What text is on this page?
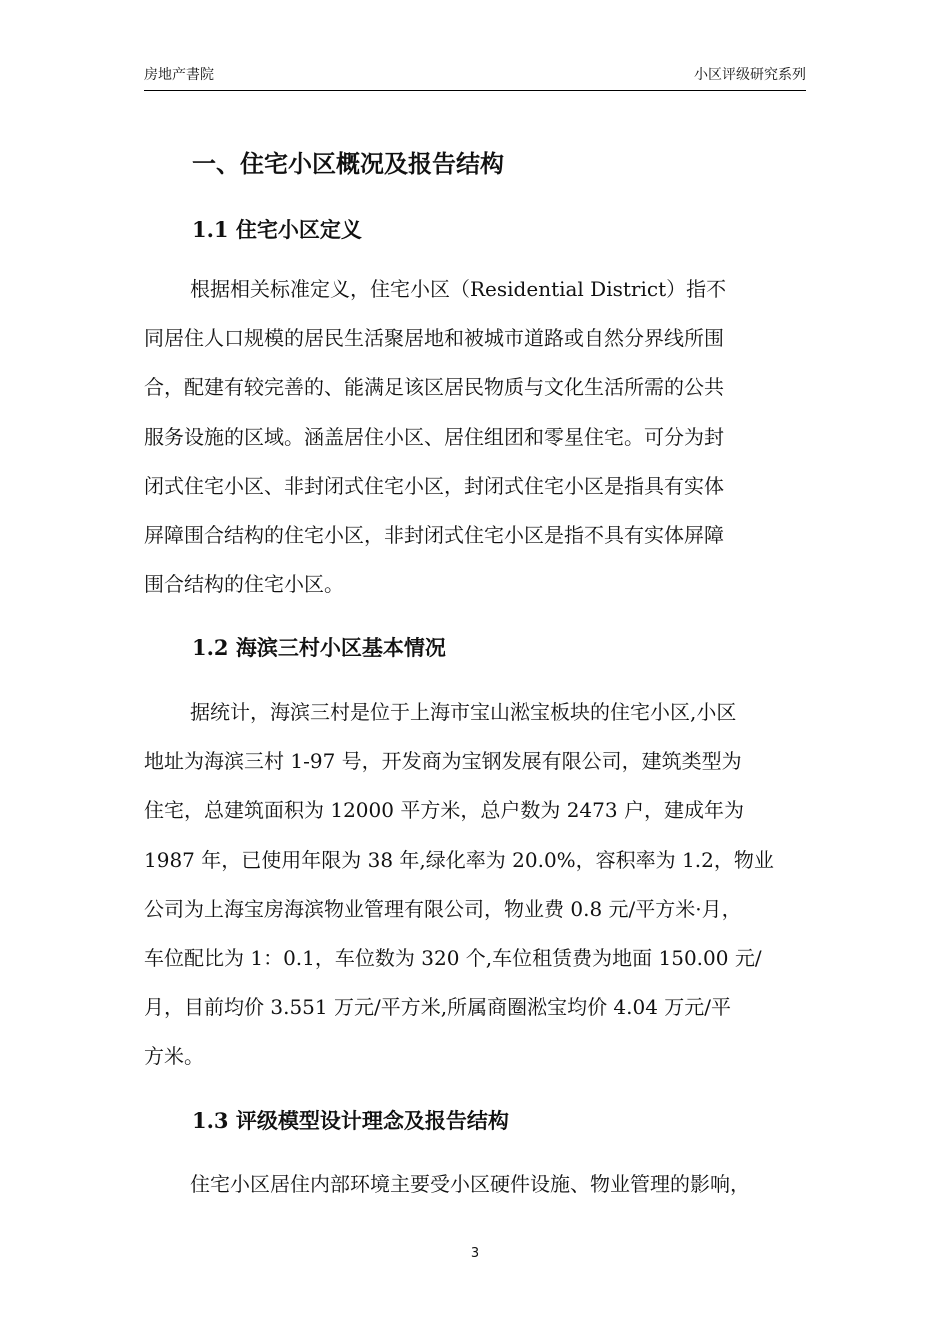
房地产書院	小区评级研究系列
一、住宅小区概况及报告结构
1.1 住宅小区定义
根据相关标准定义，住宅小区（Residential District）指不
同居住人口规模的居民生活聚居地和被城市道路或自然分界线所围
合，配建有较完善的、能满足该区居民物质与文化生活所需的公共
服务设施的区域。涵盖居住小区、居住组团和零星住宅。可分为封
闭式住宅小区、非封闭式住宅小区，封闭式住宅小区是指具有实体
屏障围合结构的住宅小区，非封闭式住宅小区是指不具有实体屏障
围合结构的住宅小区。
1.2 海滨三村小区基本情况
据统计，海滨三村是位于上海市宝山淞宝板块的住宅小区,小区
地址为海滨三村 1-97 号，开发商为宝钢发展有限公司，建筑类型为
住宅，总建筑面积为 12000 平方米，总户数为 2473 户，建成年为
1987 年，已使用年限为 38 年,绿化率为 20.0%，容积率为 1.2，物业
公司为上海宝房海滨物业管理有限公司，物业费 0.8 元/平方米·月，
车位配比为 1：0.1，车位数为 320 个,车位租赁费为地面 150.00 元/
月，目前均价 3.551 万元/平方米,所属商圈淞宝均价 4.04 万元/平
方米。
1.3 评级模型设计理念及报告结构
住宅小区居住内部环境主要受小区硬件设施、物业管理的影响，
3
